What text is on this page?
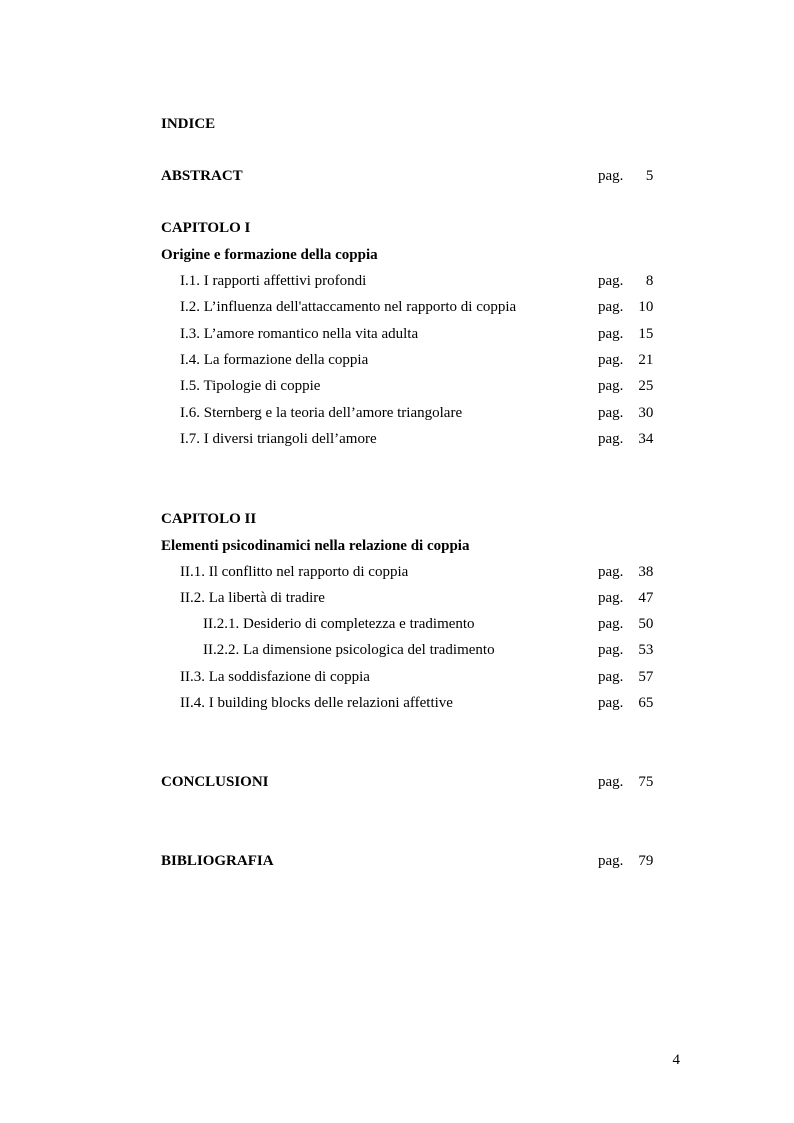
INDICE
ABSTRACT	pag. 5
CAPITOLO I
Origine e formazione della coppia
I.1. I rapporti affettivi profondi	pag. 8
I.2. L’influenza dell'attaccamento nel rapporto di coppia	pag. 10
I.3. L’amore romantico nella vita adulta	pag. 15
I.4. La formazione della coppia	pag. 21
I.5. Tipologie di coppie	pag. 25
I.6. Sternberg e la teoria dell’amore triangolare	pag. 30
I.7. I diversi triangoli dell’amore	pag. 34
CAPITOLO II
Elementi psicodinamici nella relazione di coppia
II.1. Il conflitto nel rapporto di coppia	pag. 38
II.2. La libertà di tradire	pag. 47
II.2.1. Desiderio di completezza e tradimento	pag. 50
II.2.2. La dimensione psicologica del tradimento	pag. 53
II.3. La soddisfazione di coppia	pag. 57
II.4. I building blocks delle relazioni affettive	pag. 65
CONCLUSIONI	pag. 75
BIBLIOGRAFIA	pag. 79
4
